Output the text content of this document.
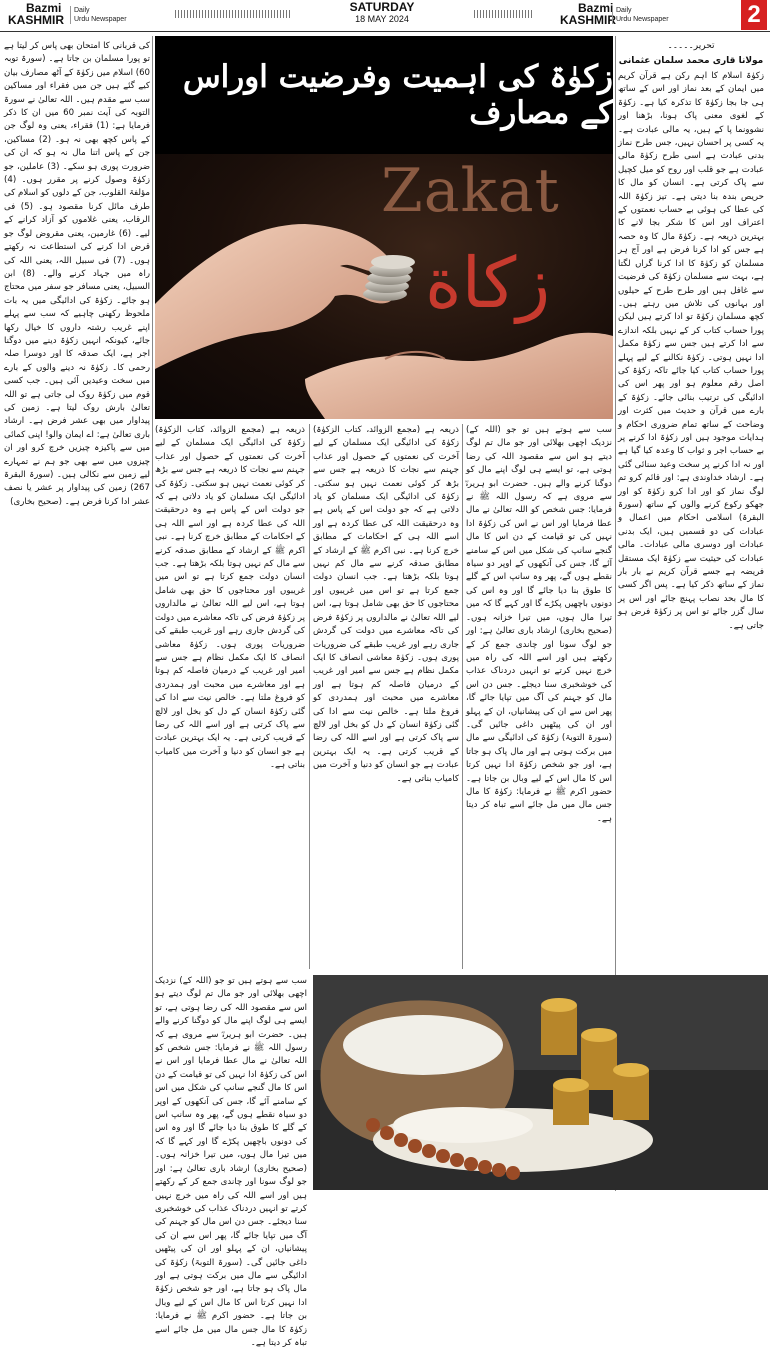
Bazmi
KASHMIR
Daily
Urdu Newspaper
SATURDAY
18 MAY 2024
Bazmi
KASHMIR
Daily
Urdu Newspaper	2

تحریر۔۔۔۔۔

مولانا قاری محمد سلمان عثمانی

زکوٰۃ اسلام کا اہم رکن ہے قرآن کریم میں ایمان کے بعد نماز اور اس کے ساتھ ہی جا بجا زکوٰۃ کا تذکرہ کیا ہے۔ زکوٰۃ کے لغوی معنی پاک ہونا، بڑھنا اور نشوونما پا کے ہیں، یہ مالی عبادت ہے۔ یہ کسی پر احسان نہیں، جس طرح نماز بدنی عبادت ہے اسی طرح زکوٰۃ مالی عبادت ہے جو قلب اور روح کو میل کچیل سے پاک کرتی ہے۔ انسان کو مال کا حریص بندہ بنا دیتی ہے۔ تیز زکوٰۃ اللہ کی عطا کی ہوئی بے حساب نعمتوں کے اعتراف اور اس کا شکر بجا لانے کا بہترین ذریعہ ہے۔ زکوٰۃ مال کا وہ حصہ ہے جس کو ادا کرنا فرض ہے اور آج ہر مسلمان کو زکوٰۃ کا ادا کرنا گراں لگتا ہے، بہت سے مسلمان زکوٰۃ کی فرضیت سے غافل ہیں اور طرح طرح کے حیلوں اور بہانوں کی تلاش میں رہتے ہیں۔ کچھ مسلمان زکوٰۃ تو ادا کرتے ہیں لیکن پورا حساب کتاب کر کے نہیں بلکہ اندازے سے ادا کرتے ہیں جس سے زکوٰۃ مکمل ادا نہیں ہوتی۔ زکوٰۃ نکالنے کے لیے پہلے پورا حساب کتاب کیا جائے تاکہ زکوٰۃ کی اصل رقم معلوم ہو اور پھر اس کی ادائیگی کی ترتیب بنائی جائے۔ زکوٰۃ کے بارے میں قرآن و حدیث میں کثرت اور وضاحت کے ساتھ تمام ضروری احکام و ہدایات موجود ہیں اور زکوٰۃ ادا کرنے پر بے حساب اجر و ثواب کا وعدہ کیا گیا ہے اور نہ ادا کرنے پر سخت وعید سنائی گئی ہے۔ ارشاد خداوندی ہے: اور قائم کرو تم لوگ نماز کو اور ادا کرو زکوٰۃ کو اور جھکو رکوع کرنے والوں کے ساتھ (سورۃ البقرۃ) اسلامی احکام میں اعمال و عبادات کی دو قسمیں ہیں، ایک بدنی عبادات اور دوسری مالی عبادات۔ مالی عبادات کی حیثیت سے زکوٰۃ ایک مستقل فریضہ ہے جسے قرآن کریم نے بار بار نماز کے ساتھ ذکر کیا ہے۔ پس اگر کسی کا مال بحد نصاب پہنچ جائے اور اس پر سال گزر جائے تو اس پر زکوٰۃ فرض ہو جاتی ہے۔

زکوٰۃ کی اہمیت وفرضیت اوراس کے مصارف
Zakat
زكاة

سب سے ہوتے ہیں تو جو (اللہ کے) نزدیک اچھی بھلائی اور جو مال تم لوگ دیتے ہو اس سے مقصود اللہ کی رضا ہوتی ہے، تو ایسے ہی لوگ اپنے مال کو دوگنا کرنے والے ہیں۔ حضرت ابو ہریرہؓ سے مروی ہے کہ رسول اللہ ﷺ نے فرمایا: جس شخص کو اللہ تعالیٰ نے مال عطا فرمایا اور اس نے اس کی زکوٰۃ ادا نہیں کی تو قیامت کے دن اس کا مال گنجے سانپ کی شکل میں اس کے سامنے آئے گا، جس کی آنکھوں کے اوپر دو سیاہ نقطے ہوں گے، پھر وہ سانپ اس کے گلے کا طوق بنا دیا جائے گا اور وہ اس کی دونوں باچھیں پکڑے گا اور کہے گا کہ میں تیرا مال ہوں، میں تیرا خزانہ ہوں۔ (صحیح بخاری) ارشاد باری تعالیٰ ہے: اور جو لوگ سونا اور چاندی جمع کر کے رکھتے ہیں اور اسے اللہ کی راہ میں خرچ نہیں کرتے تو انہیں دردناک عذاب کی خوشخبری سنا دیجئے۔ جس دن اس مال کو جہنم کی آگ میں تپایا جائے گا، پھر اس سے ان کی پیشانیاں، ان کے پہلو اور ان کی پیٹھیں داغی جائیں گی۔ (سورۃ التوبۃ) زکوٰۃ کی ادائیگی سے مال میں برکت ہوتی ہے اور مال پاک ہو جاتا ہے، اور جو شخص زکوٰۃ ادا نہیں کرتا اس کا مال اس کے لیے وبال بن جاتا ہے۔ حضور اکرم ﷺ نے فرمایا: زکوٰۃ کا مال جس مال میں مل جائے اسے تباہ کر دیتا ہے۔

ذریعہ ہے (مجمع الزوائد، کتاب الزکوٰۃ) زکوٰۃ کی ادائیگی ایک مسلمان کے لیے آخرت کی نعمتوں کے حصول اور عذاب جہنم سے نجات کا ذریعہ ہے جس سے بڑھ کر کوئی نعمت نہیں ہو سکتی۔ زکوٰۃ کی ادائیگی ایک مسلمان کو یاد دلاتی ہے کہ جو دولت اس کے پاس ہے وہ درحقیقت اللہ کی عطا کردہ ہے اور اسے اللہ ہی کے احکامات کے مطابق خرچ کرنا ہے۔ نبی اکرم ﷺ کے ارشاد کے مطابق صدقہ کرنے سے مال کم نہیں ہوتا بلکہ بڑھتا ہے۔ جب انسان دولت جمع کرتا ہے تو اس میں غریبوں اور محتاجوں کا حق بھی شامل ہوتا ہے، اس لیے اللہ تعالیٰ نے مالداروں پر زکوٰۃ فرض کی تاکہ معاشرے میں دولت کی گردش جاری رہے اور غریب طبقے کی ضروریات پوری ہوں۔ زکوٰۃ معاشی انصاف کا ایک مکمل نظام ہے جس سے امیر اور غریب کے درمیان فاصلہ کم ہوتا ہے اور معاشرے میں محبت اور ہمدردی کو فروغ ملتا ہے۔ خالص نیت سے ادا کی گئی زکوٰۃ انسان کے دل کو بخل اور لالچ سے پاک کرتی ہے اور اسے اللہ کی رضا کے قریب کرتی ہے۔ یہ ایک بہترین عبادت ہے جو انسان کو دنیا و آخرت میں کامیاب بناتی ہے۔

ذریعہ ہے (مجمع الزوائد، کتاب الزکوٰۃ) زکوٰۃ کی ادائیگی ایک مسلمان کے لیے آخرت کی نعمتوں کے حصول اور عذاب جہنم سے نجات کا ذریعہ ہے جس سے بڑھ کر کوئی نعمت نہیں ہو سکتی۔ زکوٰۃ کی ادائیگی ایک مسلمان کو یاد دلاتی ہے کہ جو دولت اس کے پاس ہے وہ درحقیقت اللہ کی عطا کردہ ہے اور اسے اللہ ہی کے احکامات کے مطابق خرچ کرنا ہے۔ نبی اکرم ﷺ کے ارشاد کے مطابق صدقہ کرنے سے مال کم نہیں ہوتا بلکہ بڑھتا ہے۔ جب انسان دولت جمع کرتا ہے تو اس میں غریبوں اور محتاجوں کا حق بھی شامل ہوتا ہے، اس لیے اللہ تعالیٰ نے مالداروں پر زکوٰۃ فرض کی تاکہ معاشرے میں دولت کی گردش جاری رہے اور غریب طبقے کی ضروریات پوری ہوں۔ زکوٰۃ معاشی انصاف کا ایک مکمل نظام ہے جس سے امیر اور غریب کے درمیان فاصلہ کم ہوتا ہے اور معاشرے میں محبت اور ہمدردی کو فروغ ملتا ہے۔ خالص نیت سے ادا کی گئی زکوٰۃ انسان کے دل کو بخل اور لالچ سے پاک کرتی ہے اور اسے اللہ کی رضا کے قریب کرتی ہے۔ یہ ایک بہترین عبادت ہے جو انسان کو دنیا و آخرت میں کامیاب بناتی ہے۔

کی قربانی کا امتحان بھی پاس کر لیتا ہے تو پورا مسلمان بن جاتا ہے۔ (سورۃ توبہ 60) اسلام میں زکوٰۃ کے آٹھ مصارف بیان کیے گئے ہیں جن میں فقراء اور مساکین سب سے مقدم ہیں۔ اللہ تعالیٰ نے سورۃ التوبہ کی آیت نمبر 60 میں ان کا ذکر فرمایا ہے: (1) فقراء، یعنی وہ لوگ جن کے پاس کچھ بھی نہ ہو۔ (2) مساکین، جن کے پاس اتنا مال نہ ہو کہ ان کی ضرورت پوری ہو سکے۔ (3) عاملین، جو زکوٰۃ وصول کرنے پر مقرر ہوں۔ (4) مؤلفۃ القلوب، جن کے دلوں کو اسلام کی طرف مائل کرنا مقصود ہو۔ (5) فی الرقاب، یعنی غلاموں کو آزاد کرانے کے لیے۔ (6) غارمین، یعنی مقروض لوگ جو قرض ادا کرنے کی استطاعت نہ رکھتے ہوں۔ (7) فی سبیل اللہ، یعنی اللہ کی راہ میں جہاد کرنے والے۔ (8) ابن السبیل، یعنی مسافر جو سفر میں محتاج ہو جائے۔ زکوٰۃ کی ادائیگی میں یہ بات ملحوظ رکھنی چاہیے کہ سب سے پہلے اپنے غریب رشتہ داروں کا خیال رکھا جائے، کیونکہ انہیں زکوٰۃ دینے میں دوگنا اجر ہے، ایک صدقہ کا اور دوسرا صلہ رحمی کا۔ زکوٰۃ نہ دینے والوں کے بارے میں سخت وعیدیں آئی ہیں۔ جب کسی قوم میں زکوٰۃ روک لی جاتی ہے تو اللہ تعالیٰ بارش روک لیتا ہے۔ زمین کی پیداوار میں بھی عشر فرض ہے۔ ارشاد باری تعالیٰ ہے: اے ایمان والو! اپنی کمائی میں سے پاکیزہ چیزیں خرچ کرو اور ان چیزوں میں سے بھی جو ہم نے تمہارے لیے زمین سے نکالی ہیں۔ (سورۃ البقرۃ 267) زمین کی پیداوار پر عشر یا نصف عشر ادا کرنا فرض ہے۔ (صحیح بخاری)

سب سے ہوتے ہیں تو جو (اللہ کے) نزدیک اچھی بھلائی اور جو مال تم لوگ دیتے ہو اس سے مقصود اللہ کی رضا ہوتی ہے، تو ایسے ہی لوگ اپنے مال کو دوگنا کرنے والے ہیں۔ حضرت ابو ہریرہؓ سے مروی ہے کہ رسول اللہ ﷺ نے فرمایا: جس شخص کو اللہ تعالیٰ نے مال عطا فرمایا اور اس نے اس کی زکوٰۃ ادا نہیں کی تو قیامت کے دن اس کا مال گنجے سانپ کی شکل میں اس کے سامنے آئے گا، جس کی آنکھوں کے اوپر دو سیاہ نقطے ہوں گے، پھر وہ سانپ اس کے گلے کا طوق بنا دیا جائے گا اور وہ اس کی دونوں باچھیں پکڑے گا اور کہے گا کہ میں تیرا مال ہوں، میں تیرا خزانہ ہوں۔ (صحیح بخاری) ارشاد باری تعالیٰ ہے: اور جو لوگ سونا اور چاندی جمع کر کے رکھتے ہیں اور اسے اللہ کی راہ میں خرچ نہیں کرتے تو انہیں دردناک عذاب کی خوشخبری سنا دیجئے۔ جس دن اس مال کو جہنم کی آگ میں تپایا جائے گا، پھر اس سے ان کی پیشانیاں، ان کے پہلو اور ان کی پیٹھیں داغی جائیں گی۔ (سورۃ التوبۃ) زکوٰۃ کی ادائیگی سے مال میں برکت ہوتی ہے اور مال پاک ہو جاتا ہے، اور جو شخص زکوٰۃ ادا نہیں کرتا اس کا مال اس کے لیے وبال بن جاتا ہے۔ حضور اکرم ﷺ نے فرمایا: زکوٰۃ کا مال جس مال میں مل جائے اسے تباہ کر دیتا ہے۔
